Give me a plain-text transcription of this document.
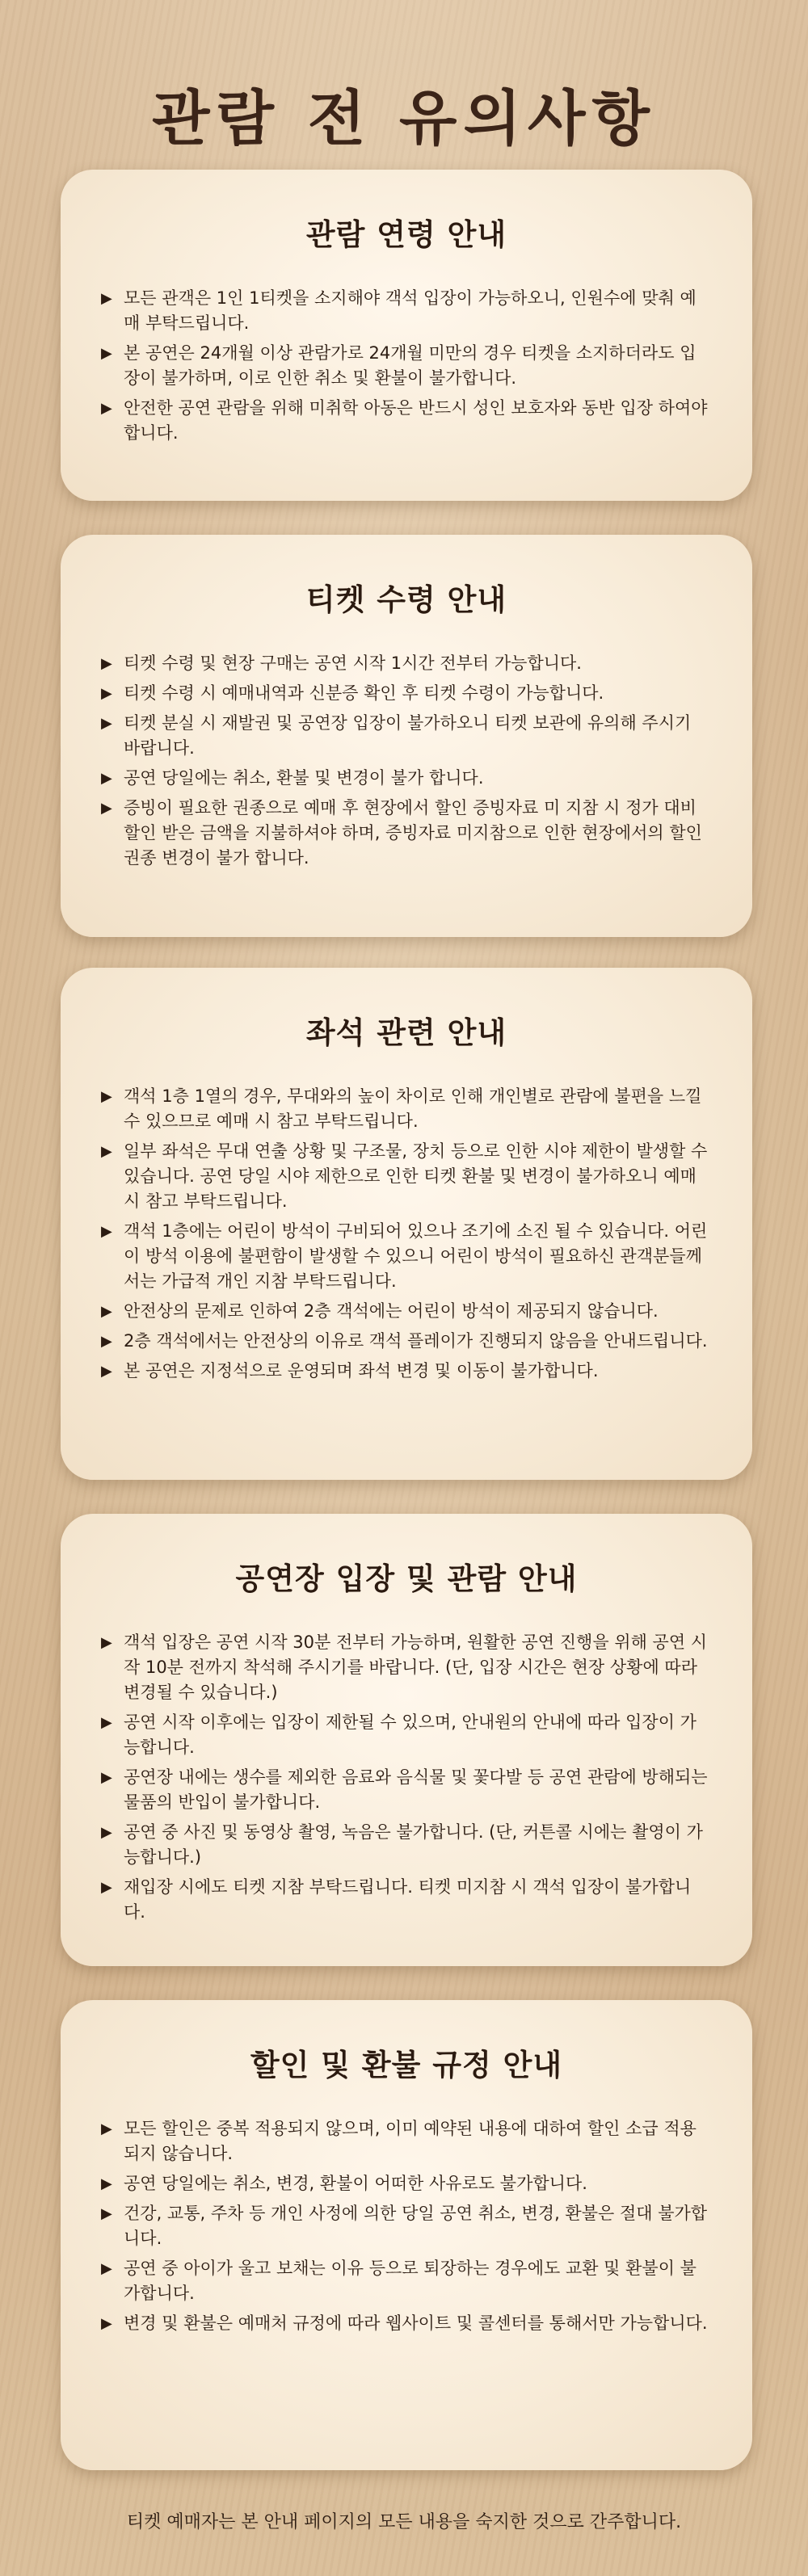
관람 전 유의사항
관람 연령 안내
▶ 모든 관객은 1인 1티켓을 소지해야 객석 입장이 가능하오니, 인원수에 맞춰 예매 부탁드립니다.
▶ 본 공연은 24개월 이상 관람가로 24개월 미만의 경우 티켓을 소지하더라도 입장이 불가하며, 이로 인한 취소 및 환불이 불가합니다.
▶ 안전한 공연 관람을 위해 미취학 아동은 반드시 성인 보호자와 동반 입장 하여야 합니다.
티켓 수령 안내
▶ 티켓 수령 및 현장 구매는 공연 시작 1시간 전부터 가능합니다.
▶ 티켓 수령 시 예매내역과 신분증 확인 후 티켓 수령이 가능합니다.
▶ 티켓 분실 시 재발권 및 공연장 입장이 불가하오니 티켓 보관에 유의해 주시기 바랍니다.
▶ 공연 당일에는 취소, 환불 및 변경이 불가 합니다.
▶ 증빙이 필요한 권종으로 예매 후 현장에서 할인 증빙자료 미 지참 시 정가 대비 할인 받은 금액을 지불하셔야 하며, 증빙자료 미지참으로 인한 현장에서의 할인 권종 변경이 불가 합니다.
좌석 관련 안내
▶ 객석 1층 1열의 경우, 무대와의 높이 차이로 인해 개인별로 관람에 불편을 느낄 수 있으므로 예매 시 참고 부탁드립니다.
▶ 일부 좌석은 무대 연출 상황 및 구조물, 장치 등으로 인한 시야 제한이 발생할 수 있습니다. 공연 당일 시야 제한으로 인한 티켓 환불 및 변경이 불가하오니 예매 시 참고 부탁드립니다.
▶ 객석 1층에는 어린이 방석이 구비되어 있으나 조기에 소진 될 수 있습니다. 어린이 방석 이용에 불편함이 발생할 수 있으니 어린이 방석이 필요하신 관객분들께서는 가급적 개인 지참 부탁드립니다.
▶ 안전상의 문제로 인하여 2층 객석에는 어린이 방석이 제공되지 않습니다.
▶ 2층 객석에서는 안전상의 이유로 객석 플레이가 진행되지 않음을 안내드립니다.
▶ 본 공연은 지정석으로 운영되며 좌석 변경 및 이동이 불가합니다.
공연장 입장 및 관람 안내
▶ 객석 입장은 공연 시작 30분 전부터 가능하며, 원활한 공연 진행을 위해 공연 시작 10분 전까지 착석해 주시기를 바랍니다. (단, 입장 시간은 현장 상황에 따라 변경될 수 있습니다.)
▶ 공연 시작 이후에는 입장이 제한될 수 있으며, 안내원의 안내에 따라 입장이 가능합니다.
▶ 공연장 내에는 생수를 제외한 음료와 음식물 및 꽃다발 등 공연 관람에 방해되는 물품의 반입이 불가합니다.
▶ 공연 중 사진 및 동영상 촬영, 녹음은 불가합니다. (단, 커튼콜 시에는 촬영이 가능합니다.)
▶ 재입장 시에도 티켓 지참 부탁드립니다. 티켓 미지참 시 객석 입장이 불가합니다.
할인 및 환불 규정 안내
▶ 모든 할인은 중복 적용되지 않으며, 이미 예약된 내용에 대하여 할인 소급 적용되지 않습니다.
▶ 공연 당일에는 취소, 변경, 환불이 어떠한 사유로도 불가합니다.
▶ 건강, 교통, 주차 등 개인 사정에 의한 당일 공연 취소, 변경, 환불은 절대 불가합니다.
▶ 공연 중 아이가 울고 보채는 이유 등으로 퇴장하는 경우에도 교환 및 환불이 불가합니다.
▶ 변경 및 환불은 예매처 규정에 따라 웹사이트 및 콜센터를 통해서만 가능합니다.

티켓 예매자는 본 안내 페이지의 모든 내용을 숙지한 것으로 간주합니다.
